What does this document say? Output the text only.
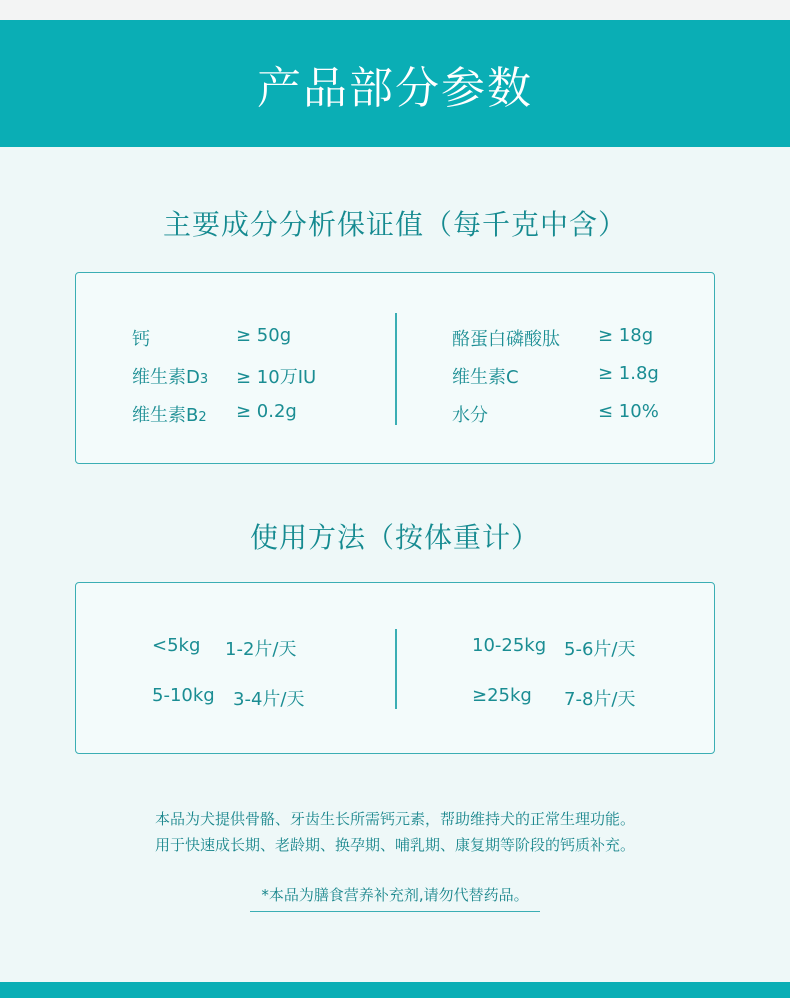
产品部分参数
主要成分分析保证值（每千克中含）
钙	≥ 50g
维生素D3 ≥ 10万IU
维生素B2 ≥ 0.2g
酪蛋白磷酸肽 ≥ 18g
维生素C	≥ 1.8g
水分	≤ 10%
使用方法（按体重计）
<5kg 1-2片/天
5-10kg 3-4片/天
10-25kg 5-6片/天
≥25kg 7-8片/天
本品为犬提供骨骼、牙齿生长所需钙元素，帮助维持犬的正常生理功能。
用于快速成长期、老龄期、换孕期、哺乳期、康复期等阶段的钙质补充。
*本品为膳食营养补充剂,请勿代替药品。
